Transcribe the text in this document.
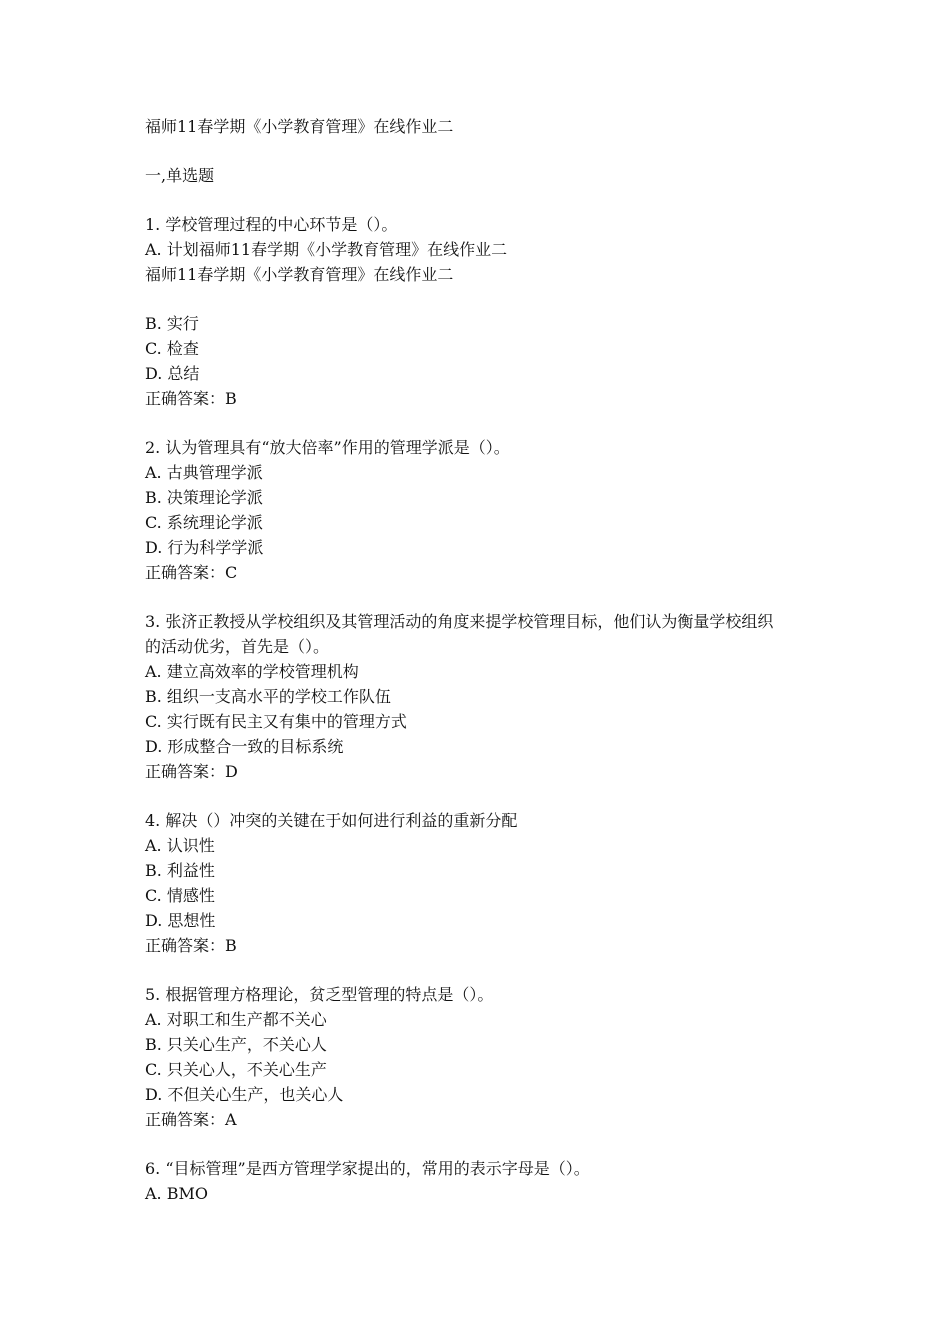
福师11春学期《小学教育管理》在线作业二
一,单选题
1. 学校管理过程的中心环节是（）。
A. 计划福师11春学期《小学教育管理》在线作业二
福师11春学期《小学教育管理》在线作业二
B. 实行
C. 检查
D. 总结
正确答案：B
2. 认为管理具有“放大倍率”作用的管理学派是（）。
A. 古典管理学派
B. 决策理论学派
C. 系统理论学派
D. 行为科学学派
正确答案：C
3. 张济正教授从学校组织及其管理活动的角度来提学校管理目标，他们认为衡量学校组织
的活动优劣，首先是（）。
A. 建立高效率的学校管理机构
B. 组织一支高水平的学校工作队伍
C. 实行既有民主又有集中的管理方式
D. 形成整合一致的目标系统
正确答案：D
4. 解决（）冲突的关键在于如何进行利益的重新分配
A. 认识性
B. 利益性
C. 情感性
D. 思想性
正确答案：B
5. 根据管理方格理论，贫乏型管理的特点是（）。
A. 对职工和生产都不关心
B. 只关心生产，不关心人
C. 只关心人，不关心生产
D. 不但关心生产，也关心人
正确答案：A
6. “目标管理”是西方管理学家提出的，常用的表示字母是（）。
A. BMO
